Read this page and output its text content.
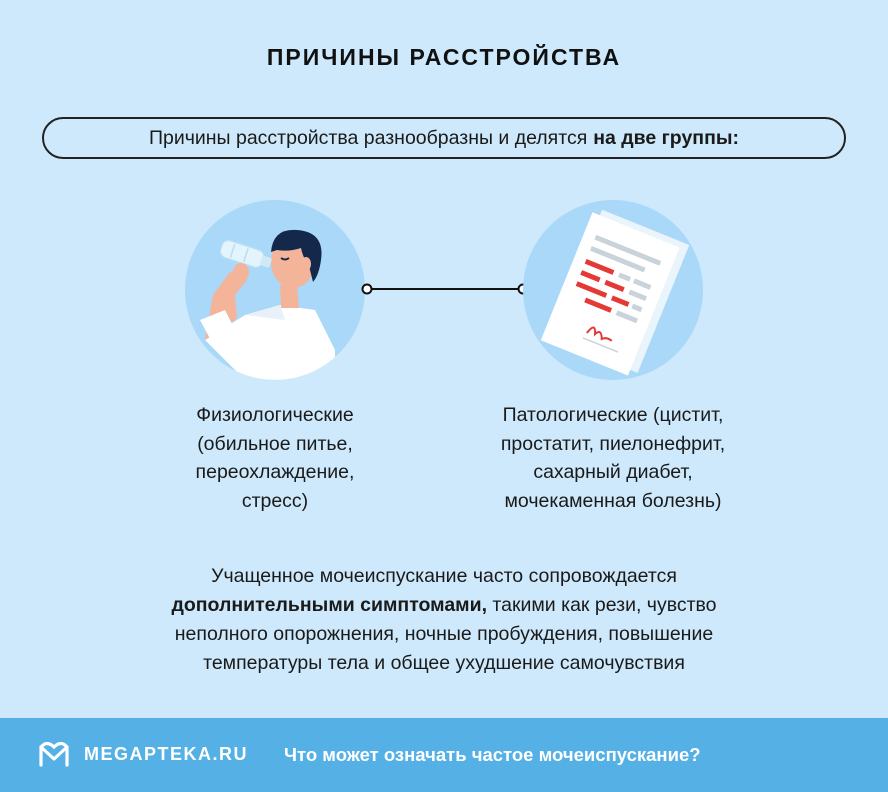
ПРИЧИНЫ РАССТРОЙСТВА
Причины расстройства разнообразны и делятся на две группы:
Физиологические
(обильное питье,
переохлаждение,
стресс)
Патологические (цистит,
простатит, пиелонефрит,
сахарный диабет,
мочекаменная болезнь)
Учащенное мочеиспускание часто сопровождается
дополнительными симптомами, такими как рези, чувство
неполного опорожнения, ночные пробуждения, повышение
температуры тела и общее ухудшение самочувствия
MEGAPTEKA.RU Что может означать частое мочеиспускание?
